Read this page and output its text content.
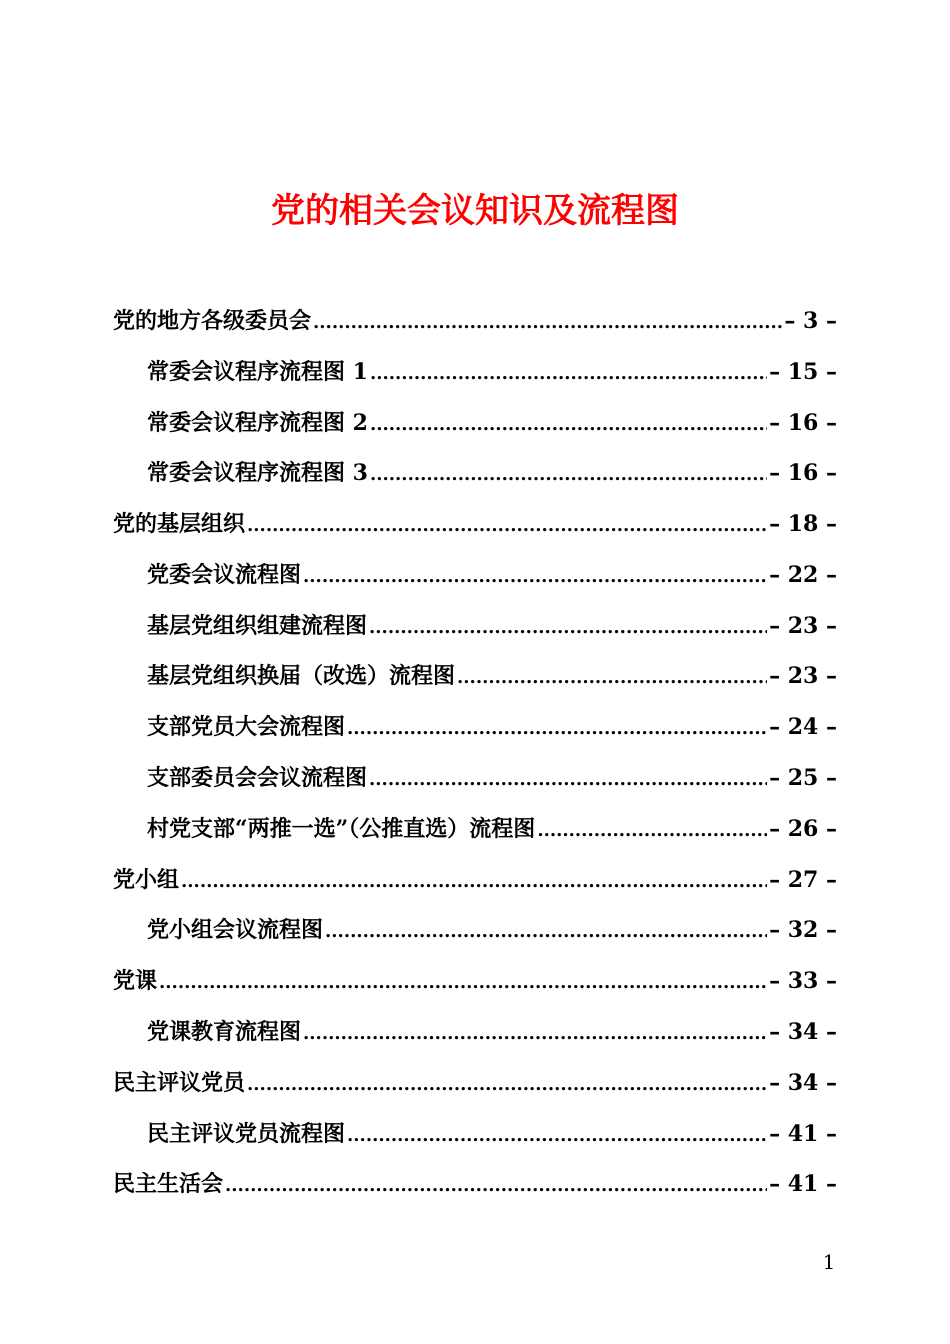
党的相关会议知识及流程图
党的地方各级委员会 .....	– 3 –
常委会议程序流程图 1 .....	– 15 –
常委会议程序流程图 2 .....	– 16 –
常委会议程序流程图 3 .....	– 16 –
党的基层组织 .....	– 18 –
党委会议流程图 .....	– 22 –
基层党组织组建流程图 .....	– 23 –
基层党组织换届（改选）流程图 .....	– 23 –
支部党员大会流程图 .....	– 24 –
支部委员会会议流程图 .....	– 25 –
村党支部“两推一选”（公推直选）流程图 .....	– 26 –
党小组 .....	– 27 –
党小组会议流程图 .....	– 32 –
党课 .....	– 33 –
党课教育流程图 .....	– 34 –
民主评议党员 .....	– 34 –
民主评议党员流程图 .....	– 41 –
民主生活会 .....	– 41 –
1
